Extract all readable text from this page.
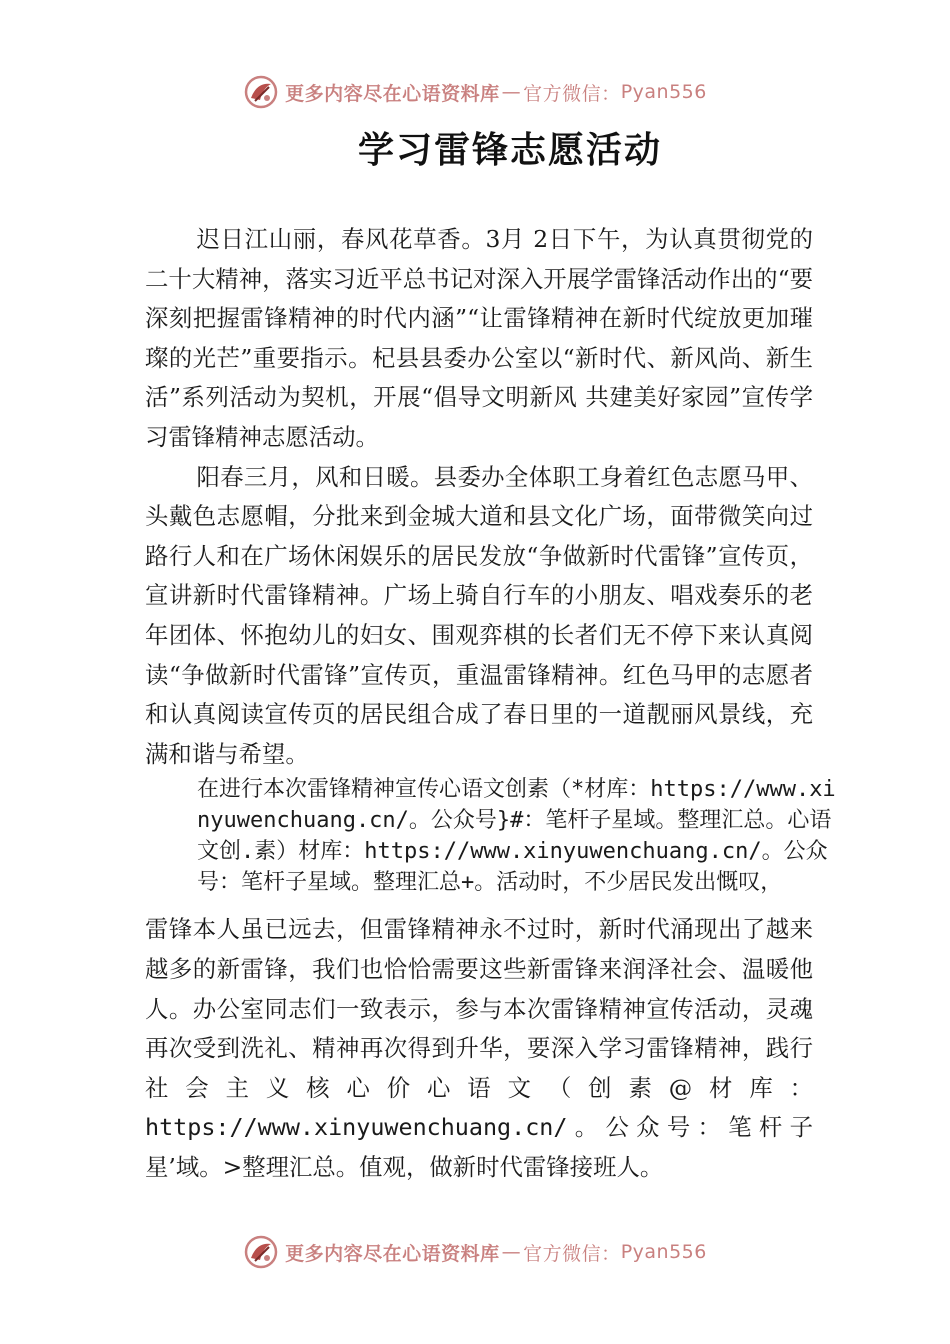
更多内容尽在心语资料库 — 官方微信： Pyan556
学习雷锋志愿活动

迟日江山丽，春风花草香。3月 2日下午，为认真贯彻党的二十大精神，落实习近平总书记对深入开展学雷锋活动作出的“要深刻把握雷锋精神的时代内涵”“让雷锋精神在新时代绽放更加璀璨的光芒”重要指示。杞县县委办公室以“新时代、新风尚、新生活”系列活动为契机，开展“倡导文明新风 共建美好家园”宣传学习雷锋精神志愿活动。

阳春三月，风和日暖。县委办全体职工身着红色志愿马甲、头戴色志愿帽，分批来到金城大道和县文化广场，面带微笑向过路行人和在广场休闲娱乐的居民发放“争做新时代雷锋”宣传页，宣讲新时代雷锋精神。广场上骑自行车的小朋友、唱戏奏乐的老年团体、怀抱幼儿的妇女、围观弈棋的长者们无不停下来认真阅读“争做新时代雷锋”宣传页，重温雷锋精神。红色马甲的志愿者和认真阅读宣传页的居民组合成了春日里的一道靓丽风景线，充满和谐与希望。

在进行本次雷锋精神宣传心语文创素（*材库：https://www.xinyuwenchuang.cn/。公众号}#：笔杆子星域。整理汇总。心语文创.素）材库：https://www.xinyuwenchuang.cn/。公众号：笔杆子星域。整理汇总+。活动时，不少居民发出慨叹，

雷锋本人虽已远去，但雷锋精神永不过时，新时代涌现出了越来越多的新雷锋，我们也恰恰需要这些新雷锋来润泽社会、温暖他人。办公室同志们一致表示，参与本次雷锋精神宣传活动，灵魂再次受到洗礼、精神再次得到升华，要深入学习雷锋精神，践行社会主义核心价心语文（创素@材库：https://www.xinyuwenchuang.cn/。公众号：笔杆子星’域。>整理汇总。值观，做新时代雷锋接班人。

更多内容尽在心语资料库 — 官方微信： Pyan556
